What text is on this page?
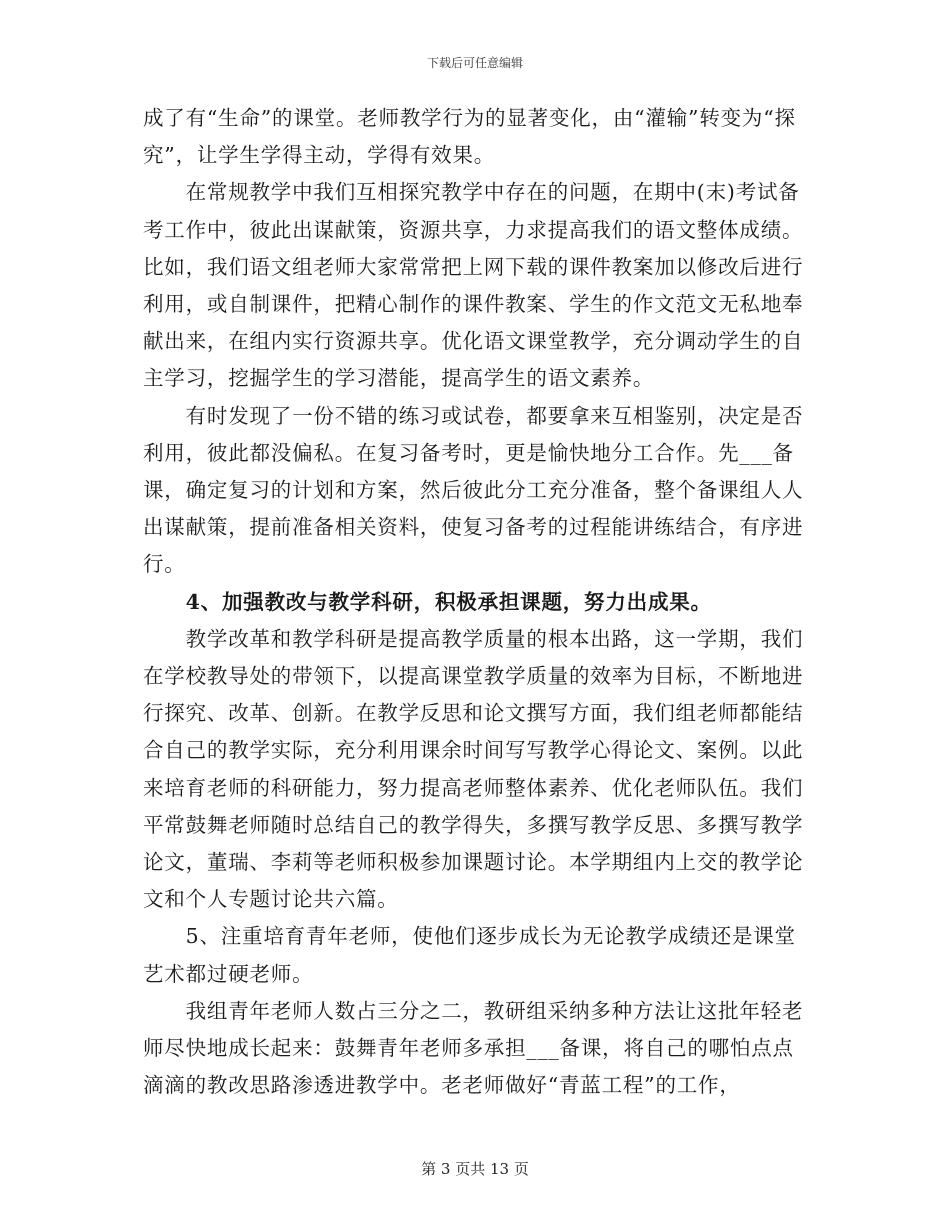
下载后可任意编辑

成了有“生命”的课堂。老师教学行为的显著变化，由“灌输”转变为“探究”，让学生学得主动，学得有效果。

　　在常规教学中我们互相探究教学中存在的问题，在期中(末)考试备考工作中，彼此出谋献策，资源共享，力求提高我们的语文整体成绩。比如，我们语文组老师大家常常把上网下载的课件教案加以修改后进行利用，或自制课件，把精心制作的课件教案、学生的作文范文无私地奉献出来，在组内实行资源共享。优化语文课堂教学，充分调动学生的自主学习，挖掘学生的学习潜能，提高学生的语文素养。

　　有时发现了一份不错的练习或试卷，都要拿来互相鉴别，决定是否利用，彼此都没偏私。在复习备考时，更是愉快地分工合作。先___备课，确定复习的计划和方案，然后彼此分工充分准备，整个备课组人人出谋献策，提前准备相关资料，使复习备考的过程能讲练结合，有序进行。

　　4、加强教改与教学科研，积极承担课题，努力出成果。

　　教学改革和教学科研是提高教学质量的根本出路，这一学期，我们在学校教导处的带领下，以提高课堂教学质量的效率为目标，不断地进行探究、改革、创新。在教学反思和论文撰写方面，我们组老师都能结合自己的教学实际，充分利用课余时间写写教学心得论文、案例。以此来培育老师的科研能力，努力提高老师整体素养、优化老师队伍。我们平常鼓舞老师随时总结自己的教学得失，多撰写教学反思、多撰写教学论文，董瑞、李莉等老师积极参加课题讨论。本学期组内上交的教学论文和个人专题讨论共六篇。

　　5、注重培育青年老师，使他们逐步成长为无论教学成绩还是课堂艺术都过硬老师。

　　我组青年老师人数占三分之二，教研组采纳多种方法让这批年轻老师尽快地成长起来：鼓舞青年老师多承担___备课，将自己的哪怕点点滴滴的教改思路渗透进教学中。老老师做好“青蓝工程”的工作，

第 3 页共 13 页
